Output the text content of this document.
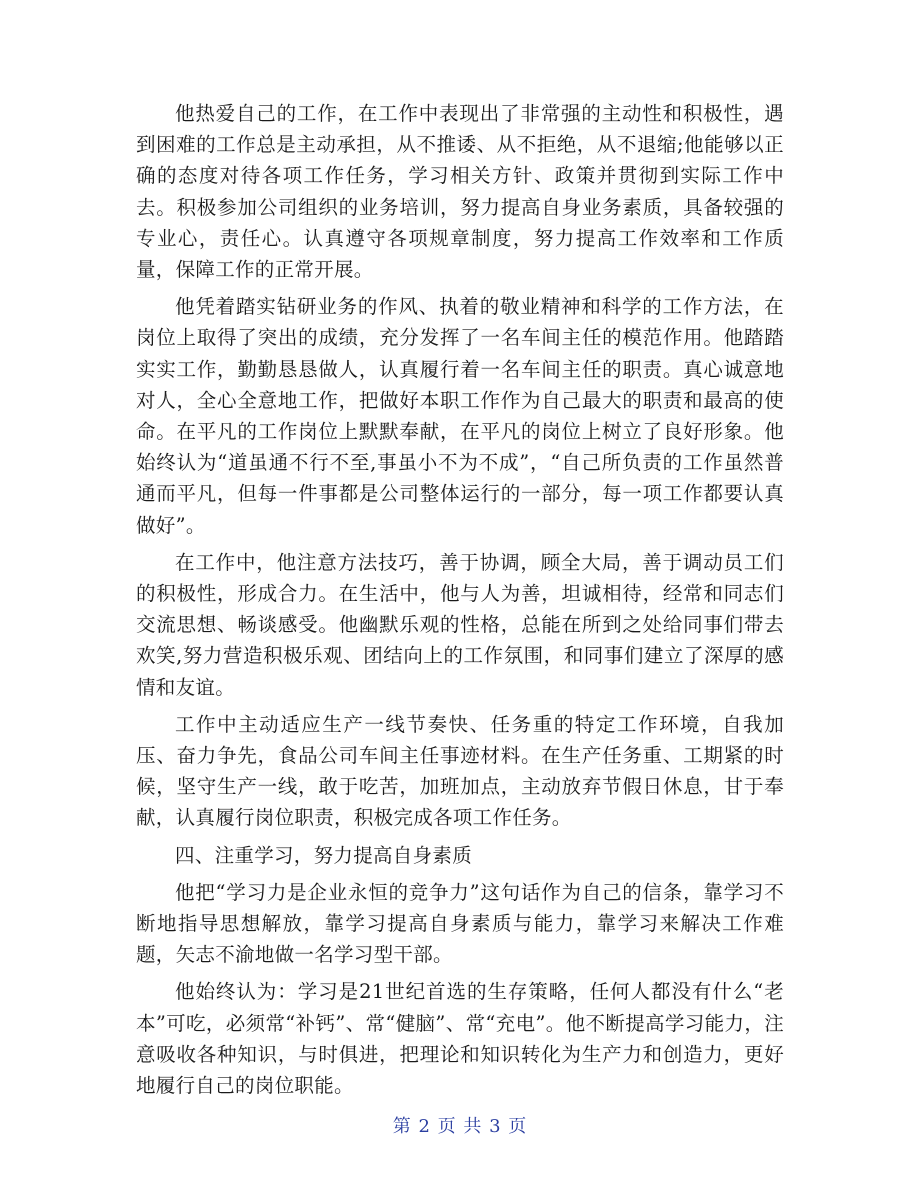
他热爱自己的工作，在工作中表现出了非常强的主动性和积极性，遇到困难的工作总是主动承担，从不推诿、从不拒绝，从不退缩;他能够以正确的态度对待各项工作任务，学习相关方针、政策并贯彻到实际工作中去。积极参加公司组织的业务培训，努力提高自身业务素质，具备较强的专业心，责任心。认真遵守各项规章制度，努力提高工作效率和工作质量，保障工作的正常开展。

他凭着踏实钻研业务的作风、执着的敬业精神和科学的工作方法，在岗位上取得了突出的成绩，充分发挥了一名车间主任的模范作用。他踏踏实实工作，勤勤恳恳做人，认真履行着一名车间主任的职责。真心诚意地对人，全心全意地工作，把做好本职工作作为自己最大的职责和最高的使命。在平凡的工作岗位上默默奉献，在平凡的岗位上树立了良好形象。他始终认为“道虽通不行不至,事虽小不为不成”，“自己所负责的工作虽然普通而平凡，但每一件事都是公司整体运行的一部分，每一项工作都要认真做好”。

在工作中，他注意方法技巧，善于协调，顾全大局，善于调动员工们的积极性，形成合力。在生活中，他与人为善，坦诚相待，经常和同志们交流思想、畅谈感受。他幽默乐观的性格，总能在所到之处给同事们带去欢笑,努力营造积极乐观、团结向上的工作氛围，和同事们建立了深厚的感情和友谊。

工作中主动适应生产一线节奏快、任务重的特定工作环境，自我加压、奋力争先，食品公司车间主任事迹材料。在生产任务重、工期紧的时候，坚守生产一线，敢于吃苦，加班加点，主动放弃节假日休息，甘于奉献，认真履行岗位职责，积极完成各项工作任务。

四、注重学习，努力提高自身素质

他把“学习力是企业永恒的竞争力”这句话作为自己的信条，靠学习不断地指导思想解放，靠学习提高自身素质与能力，靠学习来解决工作难题，矢志不渝地做一名学习型干部。

他始终认为：学习是21世纪首选的生存策略，任何人都没有什么“老本”可吃，必须常“补钙”、常“健脑”、常“充电”。他不断提高学习能力，注意吸收各种知识，与时俱进，把理论和知识转化为生产力和创造力，更好地履行自己的岗位职能。

第 2 页 共 3 页
